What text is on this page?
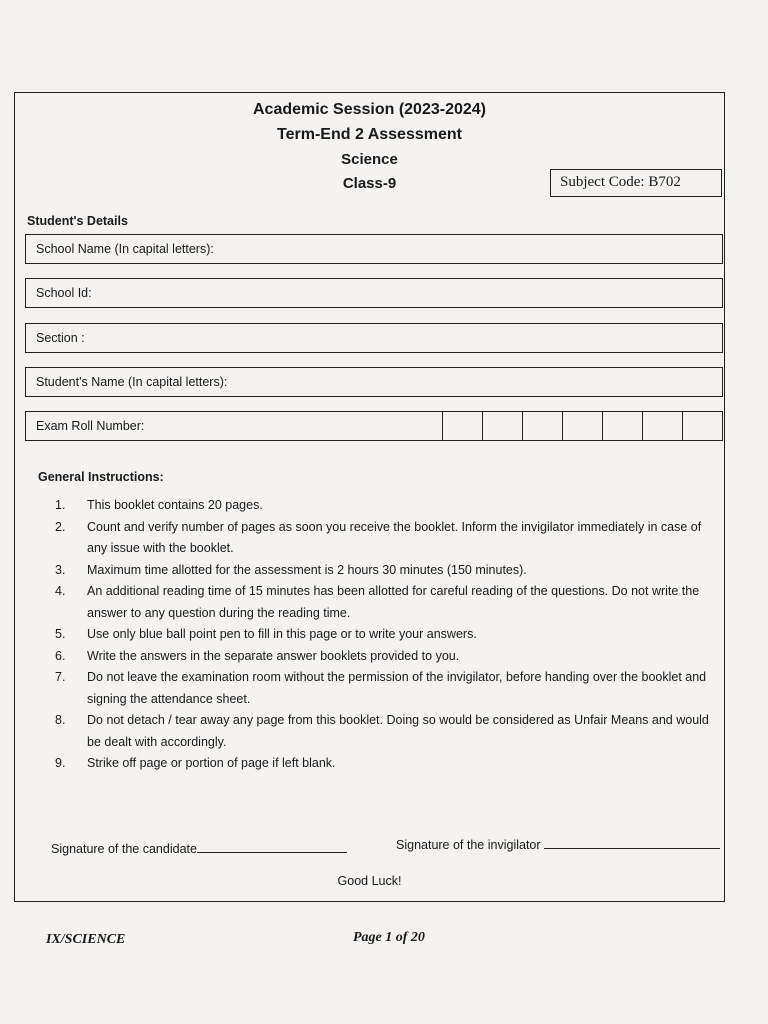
Academic Session (2023-2024)
Term-End 2 Assessment
Science
Class-9	Subject Code: B702
Student's Details
School Name (In capital letters):
School Id:
Section :
Student's Name (In capital letters):
Exam Roll Number:
General Instructions:
1.	This booklet contains 20 pages.
2.	Count and verify number of pages as soon you receive the booklet. Inform the invigilator immediately in case of any issue with the booklet.
3.	Maximum time allotted for the assessment is 2 hours 30 minutes (150 minutes).
4.	An additional reading time of 15 minutes has been allotted for careful reading of the questions. Do not write the answer to any question during the reading time.
5.	Use only blue ball point pen to fill in this page or to write your answers.
6.	Write the answers in the separate answer booklets provided to you.
7.	Do not leave the examination room without the permission of the invigilator, before handing over the booklet and signing the attendance sheet.
8.	Do not detach / tear away any page from this booklet. Doing so would be considered as Unfair Means and would be dealt with accordingly.
9.	Strike off page or portion of page if left blank.
Signature of the candidate	Signature of the invigilator
Good Luck!
IX/SCIENCE	Page 1 of 20
